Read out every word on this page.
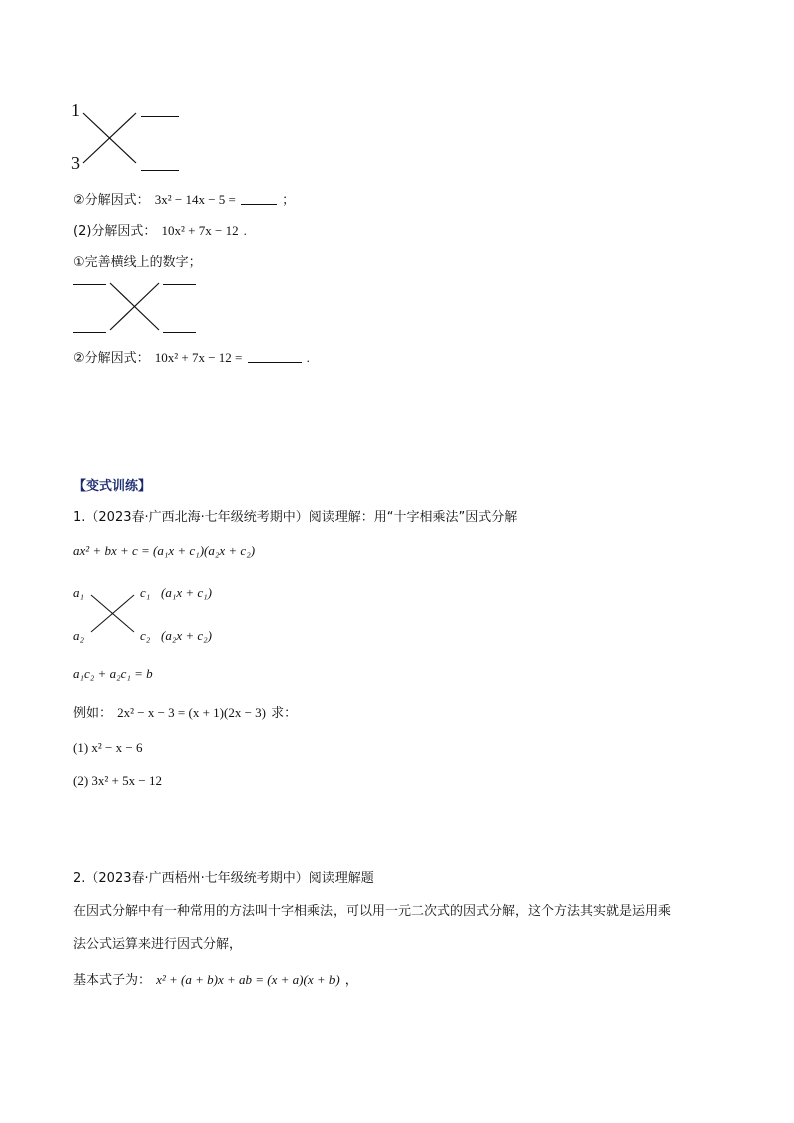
1
3
②分解因式： 3x² − 14x − 5 =	；
(2)分解因式： 10x² + 7x − 12 .
①完善横线上的数字；
②分解因式： 10x² + 7x − 12 =	.
【变式训练】
1.（2023春·广西北海·七年级统考期中）阅读理解：用“十字相乘法”因式分解
ax² + bx + c = (a₁x + c₁)(a₂x + c₂)
a₁
a₂
c₁
c₂
(a₁x + c₁)
(a₂x + c₂)
a₁c₂ + a₂c₁ = b
例如： 2x² − x − 3 = (x + 1)(2x − 3) 求：
(1) x² − x − 6
(2) 3x² + 5x − 12
2.（2023春·广西梧州·七年级统考期中）阅读理解题
在因式分解中有一种常用的方法叫十字相乘法，可以用一元二次式的因式分解，这个方法其实就是运用乘
法公式运算来进行因式分解，
基本式子为： x² + (a + b)x + ab = (x + a)(x + b) ，
